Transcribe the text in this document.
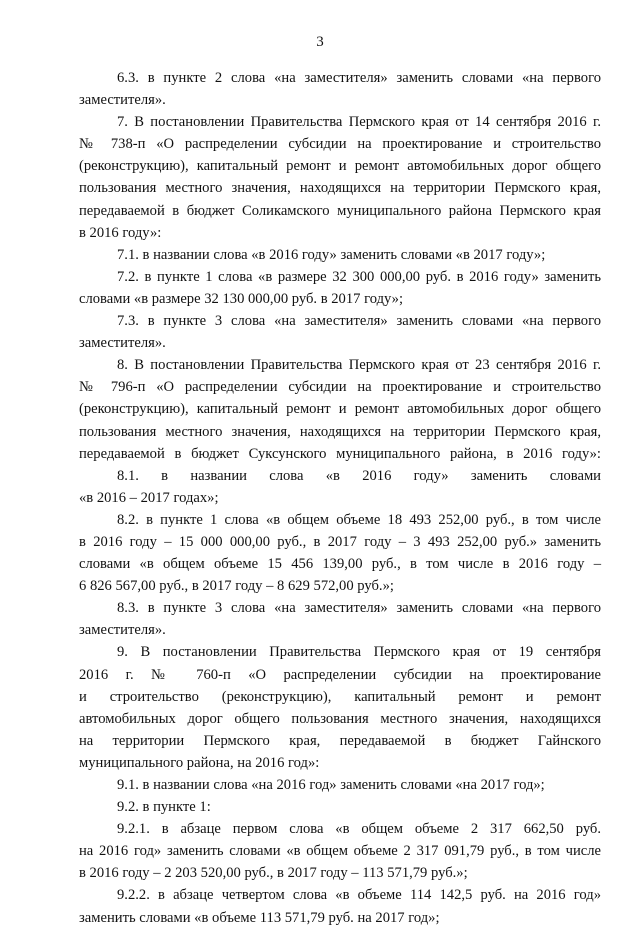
3
6.3. в пункте 2 слова «на заместителя» заменить словами «на первого
заместителя».
7. В постановлении Правительства Пермского края от 14 сентября 2016 г.
№ 738-п «О распределении субсидии на проектирование и строительство
(реконструкцию), капитальный ремонт и ремонт автомобильных дорог общего
пользования местного значения, находящихся на территории Пермского края,
передаваемой в бюджет Соликамского муниципального района Пермского края
в 2016 году»:
7.1. в названии слова «в 2016 году» заменить словами «в 2017 году»;
7.2. в пункте 1 слова «в размере 32 300 000,00 руб. в 2016 году» заменить
словами «в размере 32 130 000,00 руб. в 2017 году»;
7.3. в пункте 3 слова «на заместителя» заменить словами «на первого
заместителя».
8. В постановлении Правительства Пермского края от 23 сентября 2016 г.
№ 796-п «О распределении субсидии на проектирование и строительство
(реконструкцию), капитальный ремонт и ремонт автомобильных дорог общего
пользования местного значения, находящихся на территории Пермского края,
передаваемой в бюджет Суксунского муниципального района, в 2016 году»:
8.1. в названии слова «в 2016 году» заменить словами
«в 2016 – 2017 годах»;
8.2. в пункте 1 слова «в общем объеме 18 493 252,00 руб., в том числе
в 2016 году – 15 000 000,00 руб., в 2017 году – 3 493 252,00 руб.» заменить
словами «в общем объеме 15 456 139,00 руб., в том числе в 2016 году –
6 826 567,00 руб., в 2017 году – 8 629 572,00 руб.»;
8.3. в пункте 3 слова «на заместителя» заменить словами «на первого
заместителя».
9. В постановлении Правительства Пермского края от 19 сентября
2016 г. № 760-п «О распределении субсидии на проектирование
и строительство (реконструкцию), капитальный ремонт и ремонт
автомобильных дорог общего пользования местного значения, находящихся
на территории Пермского края, передаваемой в бюджет Гайнского
муниципального района, на 2016 год»:
9.1. в названии слова «на 2016 год» заменить словами «на 2017 год»;
9.2. в пункте 1:
9.2.1. в абзаце первом слова «в общем объеме 2 317 662,50 руб.
на 2016 год» заменить словами «в общем объеме 2 317 091,79 руб., в том числе
в 2016 году – 2 203 520,00 руб., в 2017 году – 113 571,79 руб.»;
9.2.2. в абзаце четвертом слова «в объеме 114 142,5 руб. на 2016 год»
заменить словами «в объеме 113 571,79 руб. на 2017 год»;
